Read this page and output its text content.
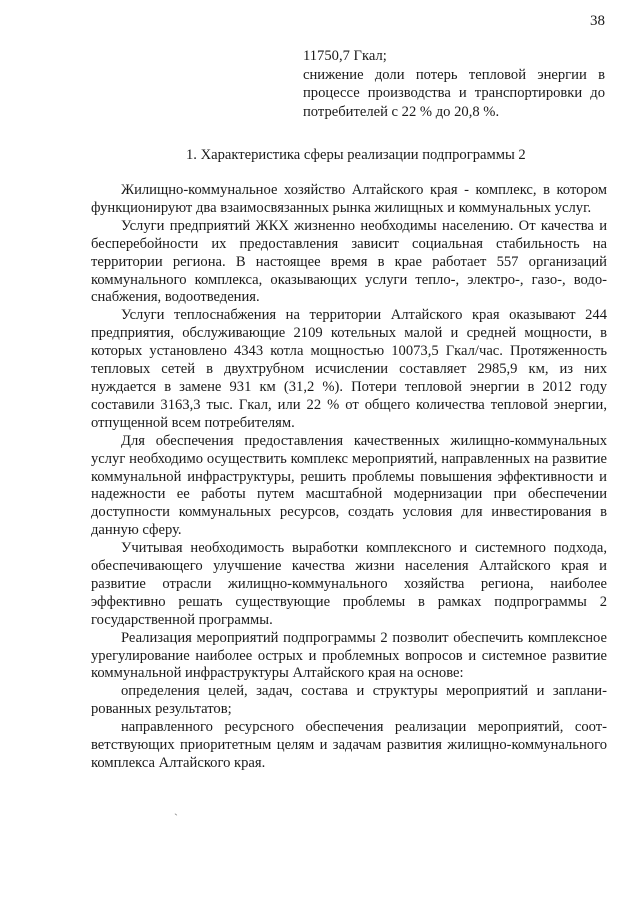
38

11750,7 Гкал;

снижение доли потерь тепловой энергии в процессе производства и транспортировки до потребителей с 22 % до 20,8 %.

1. Характеристика сферы реализации подпрограммы 2

Жилищно-коммунальное хозяйство Алтайского края - комплекс, в котором функционируют два взаимосвязанных рынка жилищных и коммунальных услуг.

Услуги предприятий ЖКХ жизненно необходимы населению. От качества и бесперебойности их предоставления зависит социальная стабильность на территории региона. В настоящее время в крае работает 557 организаций коммунального комплекса, оказывающих услуги тепло-, электро-, газо-, водоснабжения, водоотведения.

Услуги теплоснабжения на территории Алтайского края оказывают 244 предприятия, обслуживающие 2109 котельных малой и средней мощности, в которых установлено 4343 котла мощностью 10073,5 Гкал/час. Протяженность тепловых сетей в двухтрубном исчислении составляет 2985,9 км, из них нуждается в замене 931 км (31,2 %). Потери тепловой энергии в 2012 году составили 3163,3 тыс. Гкал, или 22 % от общего количества тепловой энергии, отпущенной всем потребителям.

Для обеспечения предоставления качественных жилищно-коммунальных услуг необходимо осуществить комплекс мероприятий, направленных на развитие коммунальной инфраструктуры, решить проблемы повышения эффективности и надежности ее работы путем масштабной модернизации при обеспечении доступности коммунальных ресурсов, создать условия для инвестирования в данную сферу.

Учитывая необходимость выработки комплексного и системного подхода, обеспечивающего улучшение качества жизни населения Алтайского края и развитие отрасли жилищно-коммунального хозяйства региона, наиболее эффективно решать существующие проблемы в рамках подпрограммы 2 государственной программы.

Реализация мероприятий подпрограммы 2 позволит обеспечить комплексное урегулирование наиболее острых и проблемных вопросов и системное развитие коммунальной инфраструктуры Алтайского края на основе:

определения целей, задач, состава и структуры мероприятий и запланированных результатов;

направленного ресурсного обеспечения реализации мероприятий, соответствующих приоритетным целям и задачам развития жилищно-коммунального комплекса Алтайского края.

`
